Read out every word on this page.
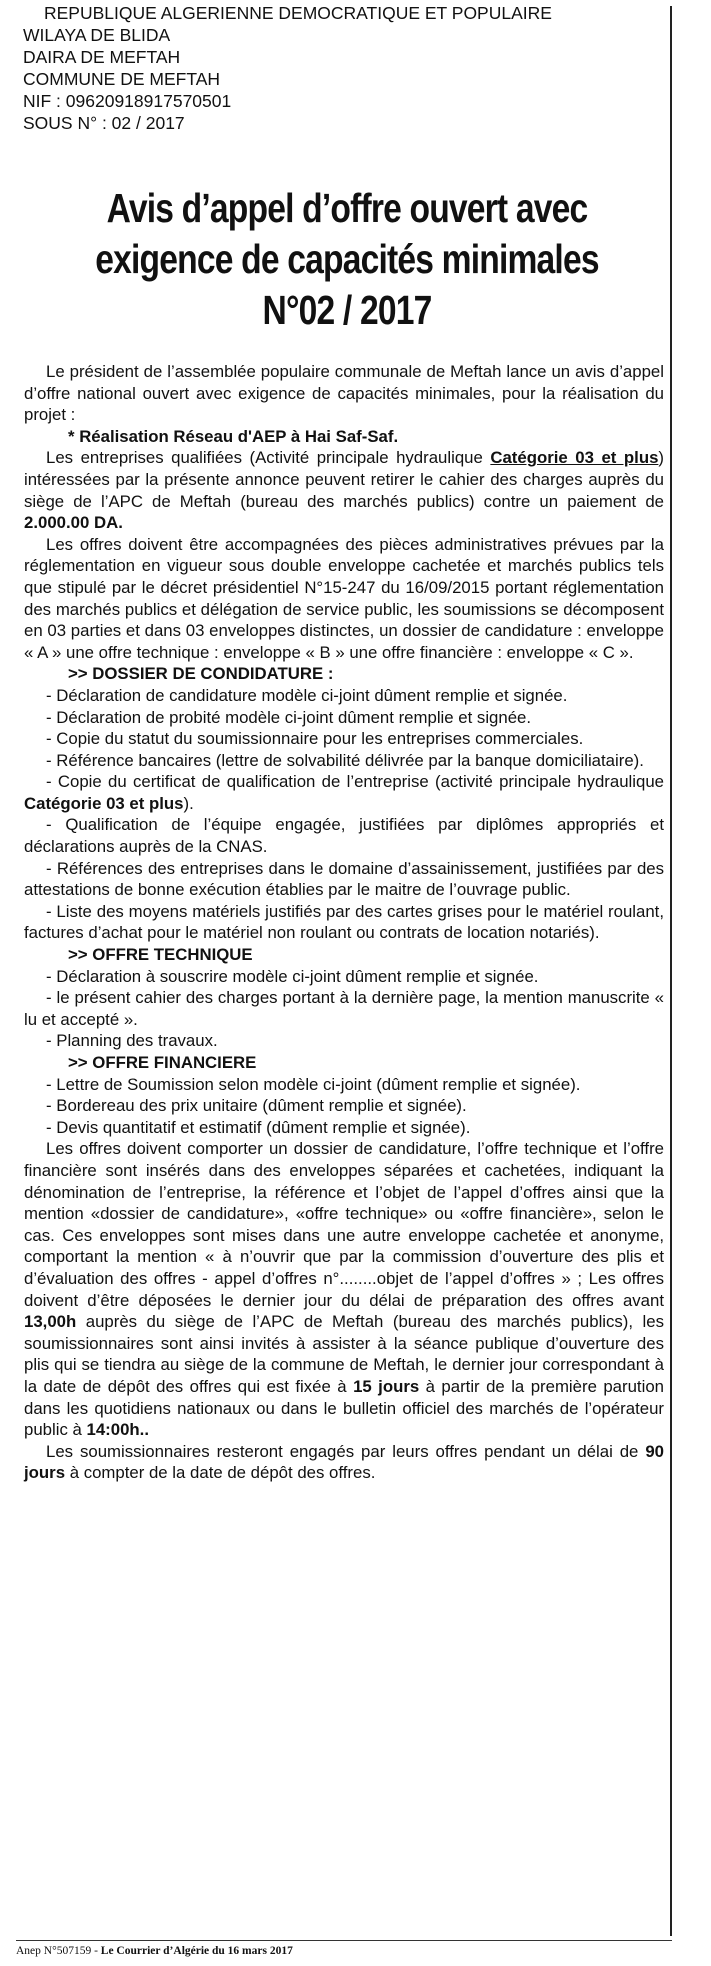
REPUBLIQUE ALGERIENNE DEMOCRATIQUE ET POPULAIRE
WILAYA DE BLIDA
DAIRA DE MEFTAH
COMMUNE DE MEFTAH
NIF : 09620918917570501
SOUS N° : 02 / 2017
Avis d’appel d’offre ouvert avec
exigence de capacités minimales
N°02 / 2017

Le président de l’assemblée populaire communale de Meftah lance un avis d’appel d’offre national ouvert avec exigence de capacités minimales, pour la réalisation du projet :

* Réalisation Réseau d'AEP à Hai Saf-Saf.

Les entreprises qualifiées (Activité principale hydraulique Catégorie 03 et plus) intéressées par la présente annonce peuvent retirer le cahier des charges auprès du siège de l’APC de Meftah (bureau des marchés publics) contre un paiement de 2.000.00 DA.

Les offres doivent être accompagnées des pièces administratives prévues par la réglementation en vigueur sous double enveloppe cachetée et marchés publics tels que stipulé par le décret présidentiel N°15-247 du 16/09/2015 portant réglementation des marchés publics et délégation de service public, les soumissions se décomposent en 03 parties et dans 03 enveloppes distinctes, un dossier de candidature : enveloppe « A » une offre technique : enveloppe « B » une offre financière : enveloppe « C ».

>> DOSSIER DE CONDIDATURE :

- Déclaration de candidature modèle ci-joint dûment remplie et signée.

- Déclaration de probité modèle ci-joint dûment remplie et signée.

- Copie du statut du soumissionnaire pour les entreprises commerciales.

- Référence bancaires (lettre de solvabilité délivrée par la banque domiciliataire).

- Copie du certificat de qualification de l’entreprise (activité principale hydraulique Catégorie 03 et plus).

- Qualification de l’équipe engagée, justifiées par diplômes appropriés et déclarations auprès de la CNAS.

- Références des entreprises dans le domaine d’assainissement, justifiées par des attestations de bonne exécution établies par le maitre de l’ouvrage public.

- Liste des moyens matériels justifiés par des cartes grises pour le matériel roulant, factures d’achat pour le matériel non roulant ou contrats de location notariés).

>> OFFRE TECHNIQUE

- Déclaration à souscrire modèle ci-joint dûment remplie et signée.

- le présent cahier des charges portant à la dernière page, la mention manuscrite « lu et accepté ».

- Planning des travaux.

>> OFFRE FINANCIERE

- Lettre de Soumission selon modèle ci-joint (dûment remplie et signée).

- Bordereau des prix unitaire (dûment remplie et signée).

- Devis quantitatif et estimatif (dûment remplie et signée).

Les offres doivent comporter un dossier de candidature, l’offre technique et l’offre financière sont insérés dans des enveloppes séparées et cachetées, indiquant la dénomination de l’entreprise, la référence et l’objet de l’appel d’offres ainsi que la mention «dossier de candidature», «offre technique» ou «offre financière», selon le cas. Ces enveloppes sont mises dans une autre enveloppe cachetée et anonyme, comportant la mention « à n’ouvrir que par la commission d’ouverture des plis et d’évaluation des offres - appel d’offres n°........objet de l’appel d’offres » ; Les offres doivent d’être déposées le dernier jour du délai de préparation des offres avant 13,00h auprès du siège de l’APC de Meftah (bureau des marchés publics), les soumissionnaires sont ainsi invités à assister à la séance publique d’ouverture des plis qui se tiendra au siège de la commune de Meftah, le dernier jour correspondant à la date de dépôt des offres qui est fixée à 15 jours à partir de la première parution dans les quotidiens nationaux ou dans le bulletin officiel des marchés de l’opérateur public à 14:00h..

Les soumissionnaires resteront engagés par leurs offres pendant un délai de 90 jours à compter de la date de dépôt des offres.

Anep N°507159 - Le Courrier d’Algérie du 16 mars 2017
